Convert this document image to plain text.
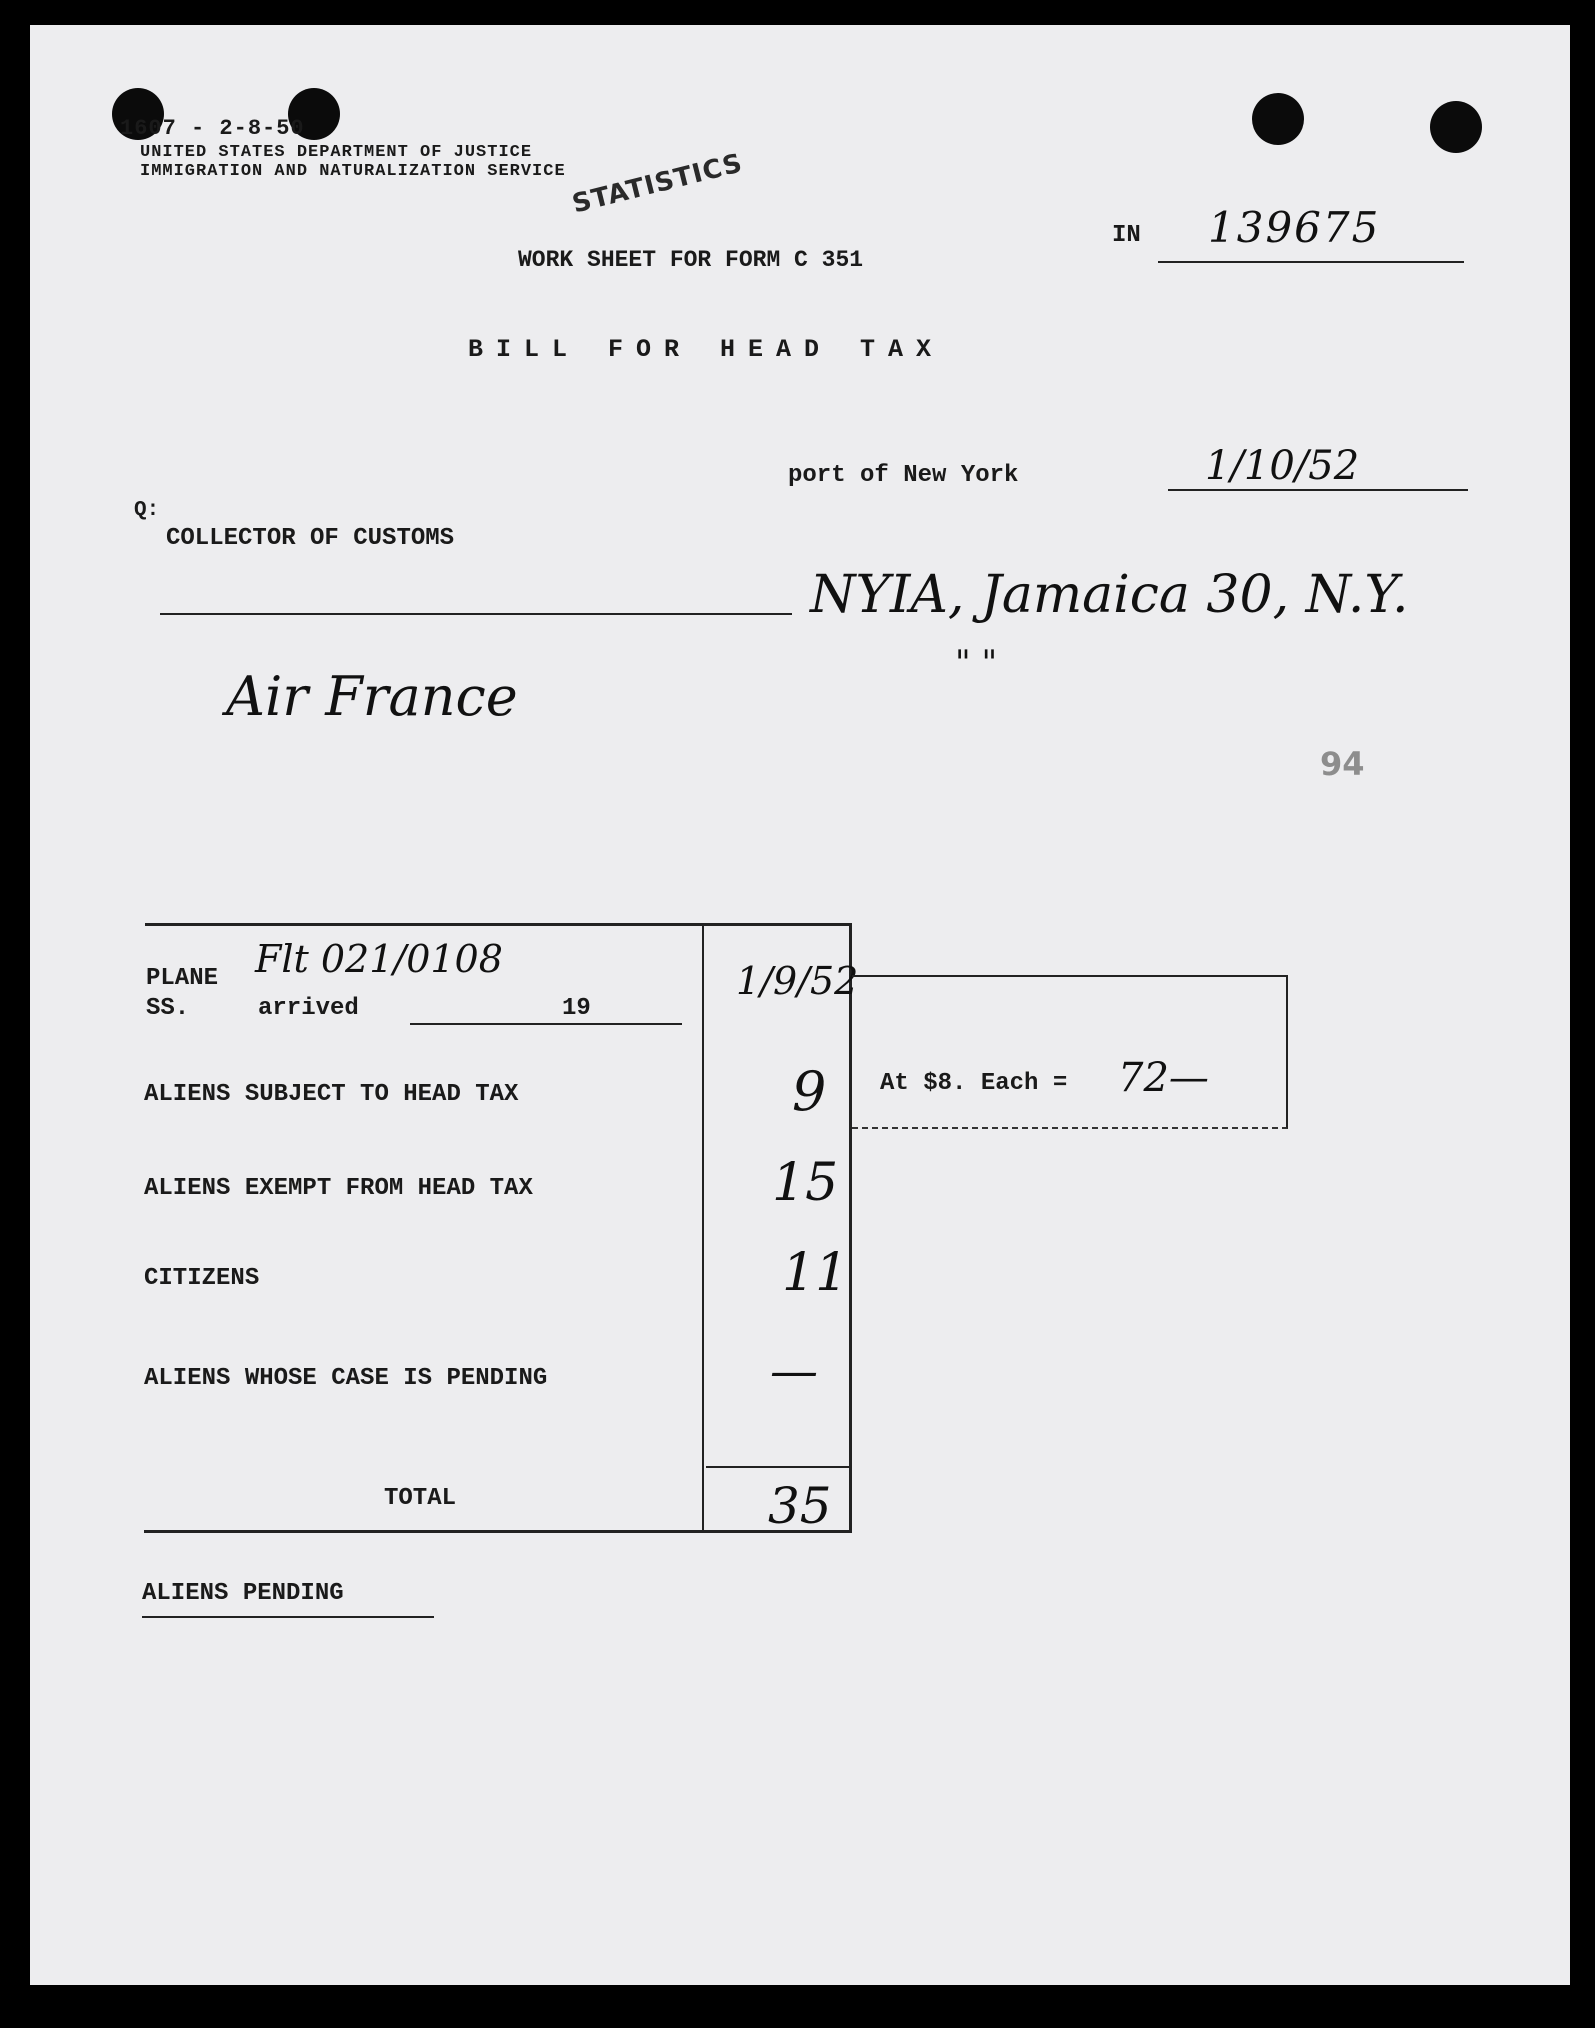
1607 - 2-8-50
UNITED STATES DEPARTMENT OF JUSTICE
IMMIGRATION AND NATURALIZATION SERVICE STATISTICS
WORK SHEET FOR FORM C 351
IN 139675
BILL FOR HEAD TAX
port of New York	1/10/52
Q:
COLLECTOR OF CUSTOMS
NYIA, Jamaica 30, N.Y.
" "
Air France
94
PLANE
SS.	arrived	19
Flt 021/0108	1/9/52
ALIENS SUBJECT TO HEAD TAX	9
ALIENS EXEMPT FROM HEAD TAX	15
CITIZENS	11
ALIENS WHOSE CASE IS PENDING	—
TOTAL	35
At $8. Each = 72—
ALIENS PENDING
